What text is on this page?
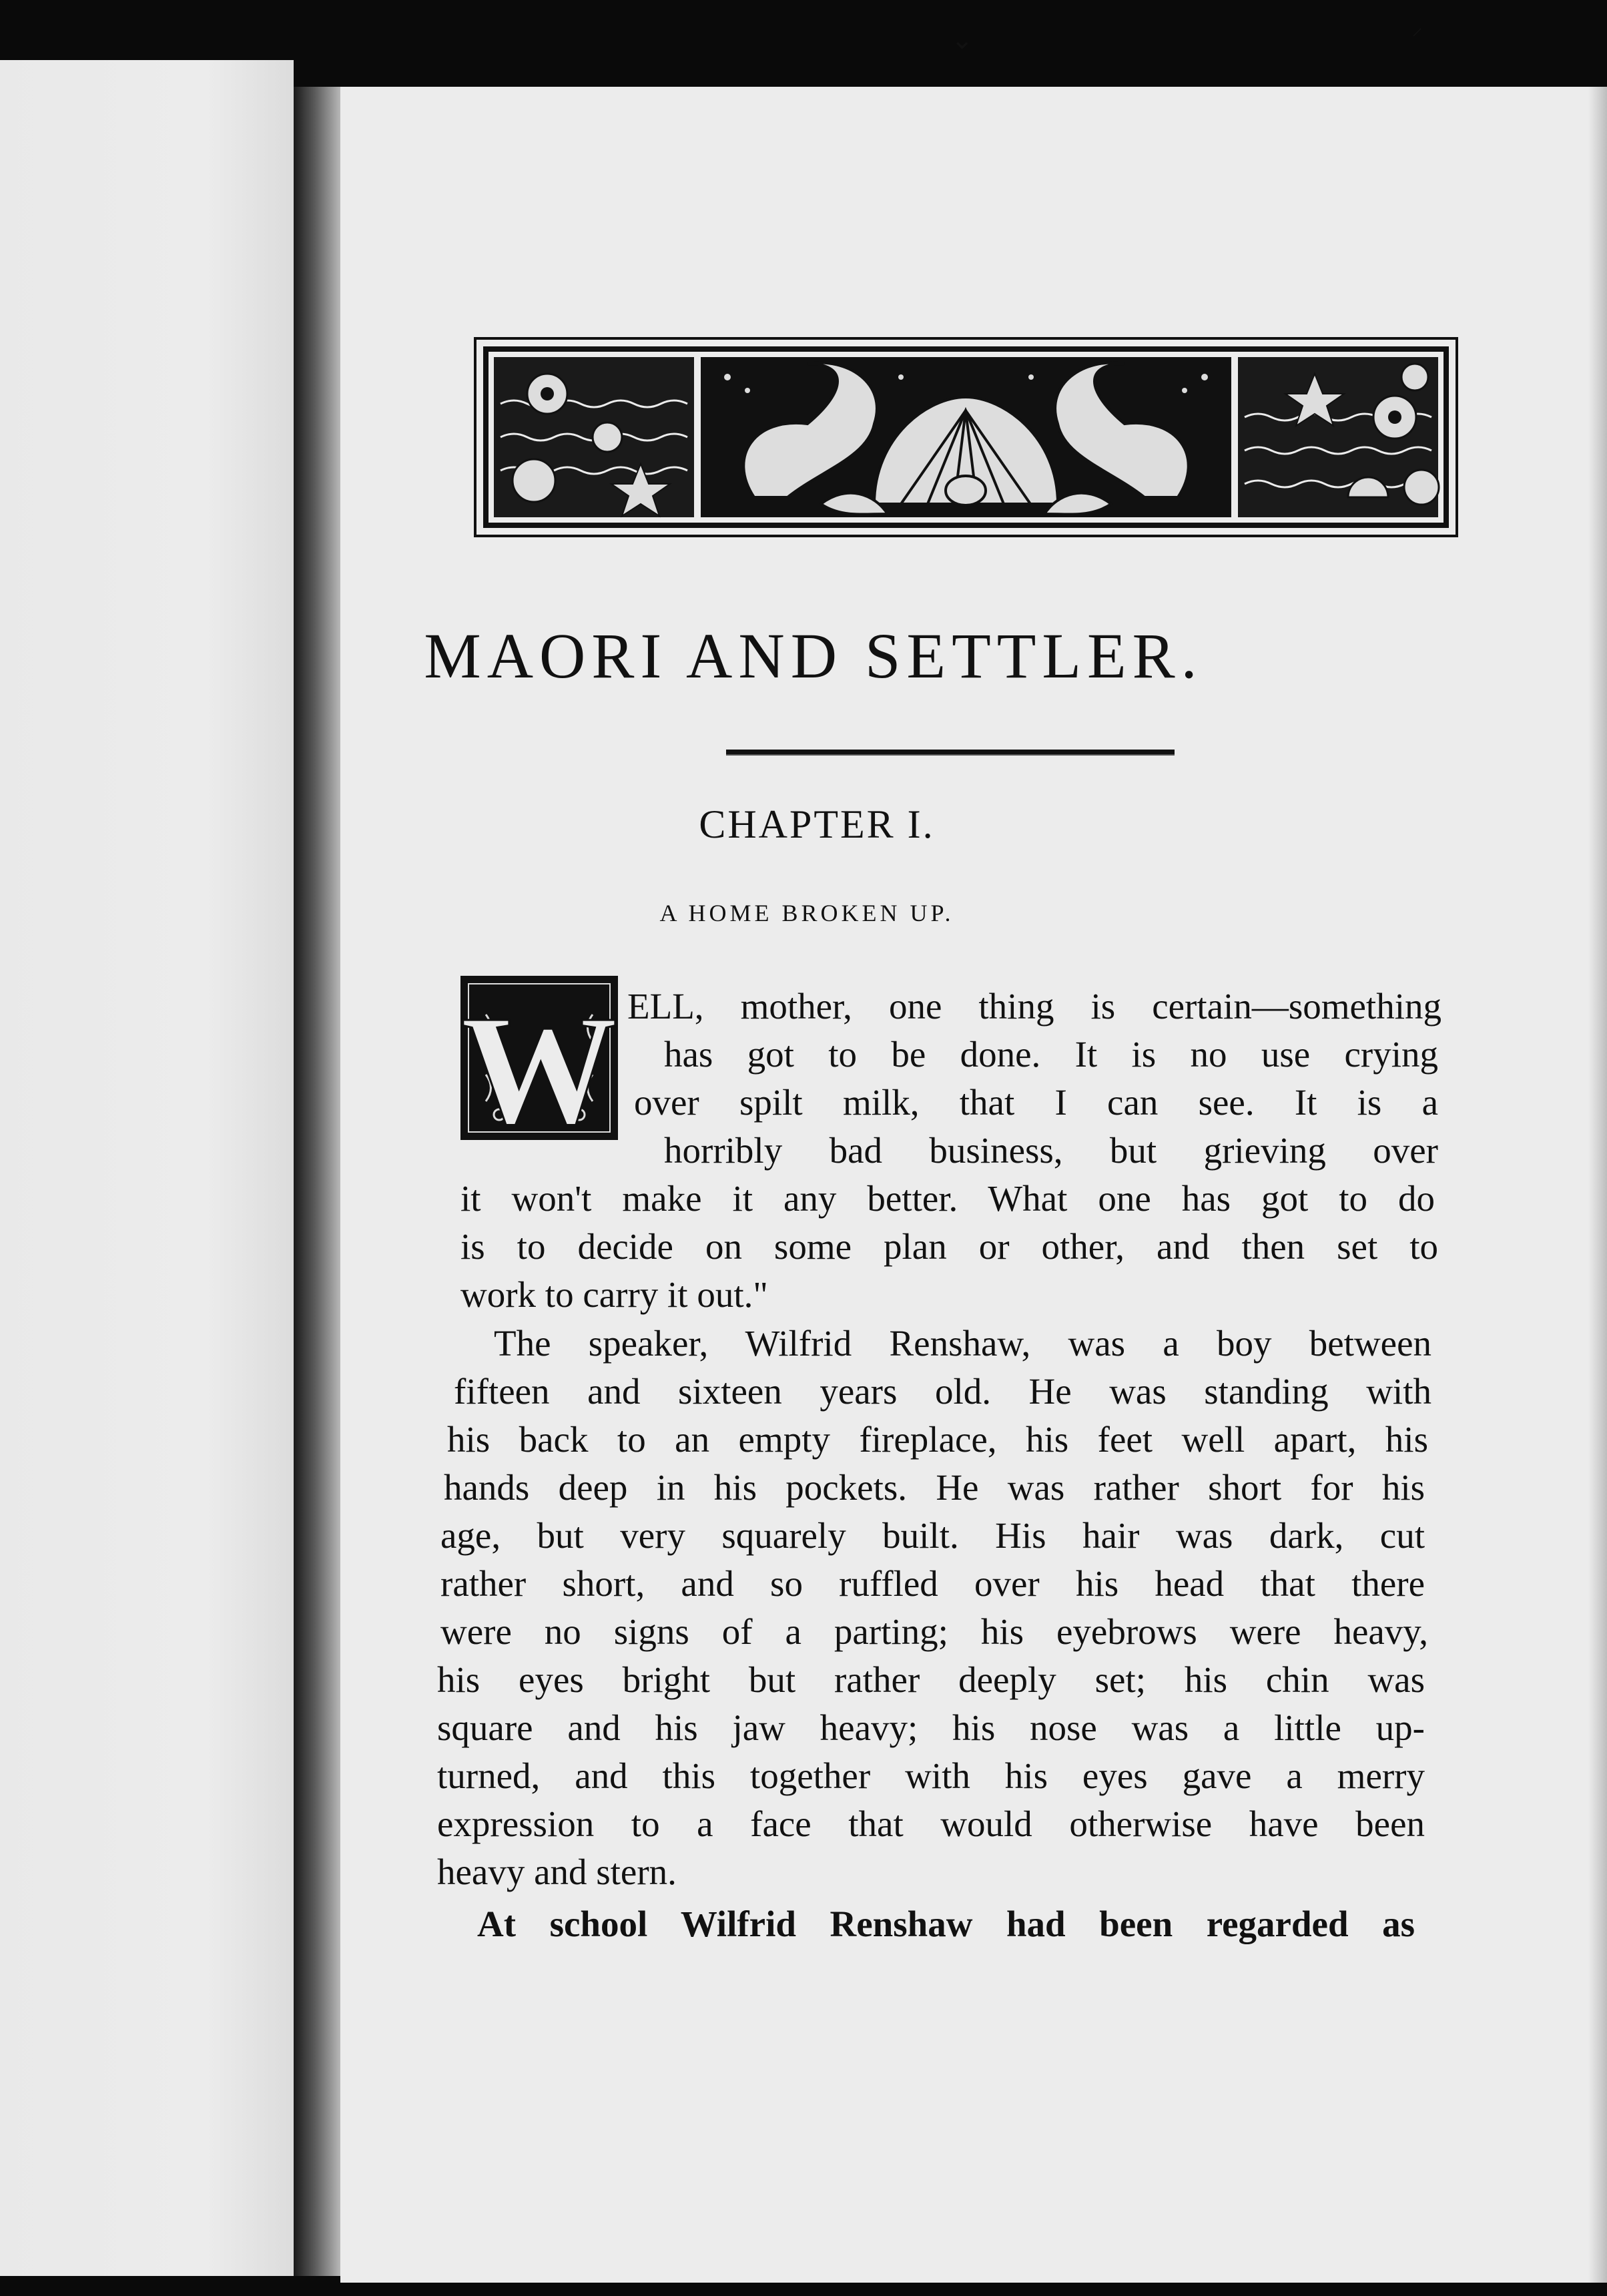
⌄	⸝
MAORI AND SETTLER.
CHAPTER I.
A HOME BROKEN UP.
W ELL, mother, one thing is certain—something
has got to be done. It is no use crying
over spilt milk, that I can see. It is a
horribly bad business, but grieving over
it won't make it any better. What one has got to do
is to decide on some plan or other, and then set to
work to carry it out."
The speaker, Wilfrid Renshaw, was a boy between
fifteen and sixteen years old. He was standing with
his back to an empty fireplace, his feet well apart, his
hands deep in his pockets. He was rather short for his
age, but very squarely built. His hair was dark, cut
rather short, and so ruffled over his head that there
were no signs of a parting; his eyebrows were heavy,
his eyes bright but rather deeply set; his chin was
square and his jaw heavy; his nose was a little up-
turned, and this together with his eyes gave a merry
expression to a face that would otherwise have been
heavy and stern.
At school Wilfrid Renshaw had been regarded as
